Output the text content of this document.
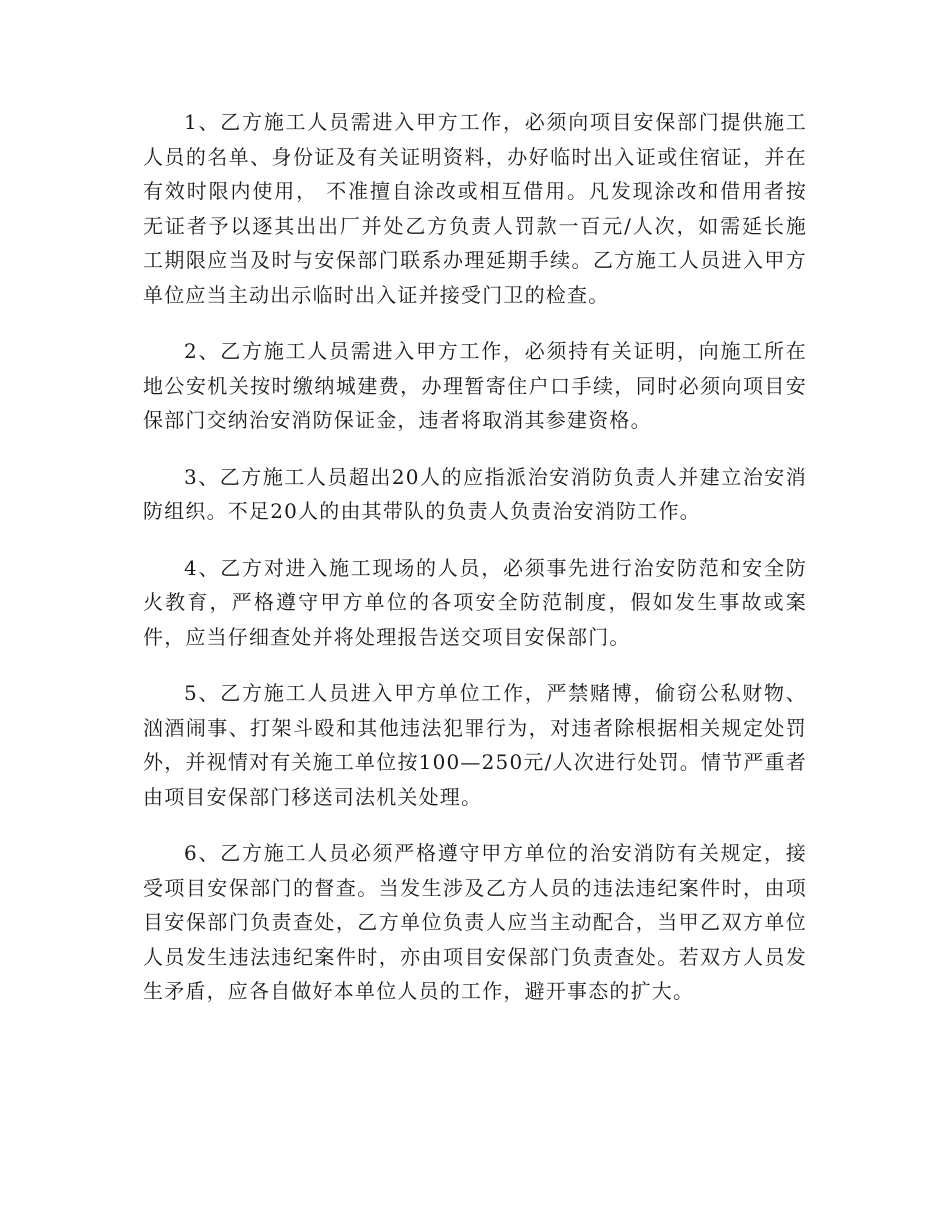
1、乙方施工人员需进入甲方工作，必须向项目安保部门提供施工人员的名单、身份证及有关证明资料，办好临时出入证或住宿证，并在有效时限内使用， 不准擅自涂改或相互借用。凡发现涂改和借用者按无证者予以逐其出出厂并处乙方负责人罚款一百元/人次，如需延长施工期限应当及时与安保部门联系办理延期手续。乙方施工人员进入甲方单位应当主动出示临时出入证并接受门卫的检查。

2、乙方施工人员需进入甲方工作，必须持有关证明，向施工所在地公安机关按时缴纳城建费，办理暂寄住户口手续，同时必须向项目安保部门交纳治安消防保证金，违者将取消其参建资格。

3、乙方施工人员超出20人的应指派治安消防负责人并建立治安消防组织。不足20人的由其带队的负责人负责治安消防工作。

4、乙方对进入施工现场的人员，必须事先进行治安防范和安全防火教育，严格遵守甲方单位的各项安全防范制度，假如发生事故或案件，应当仔细查处并将处理报告送交项目安保部门。

5、乙方施工人员进入甲方单位工作，严禁赌博，偷窃公私财物、汹酒闹事、打架斗殴和其他违法犯罪行为，对违者除根据相关规定处罚外，并视情对有关施工单位按100—250元/人次进行处罚。情节严重者由项目安保部门移送司法机关处理。

6、乙方施工人员必须严格遵守甲方单位的治安消防有关规定，接受项目安保部门的督查。当发生涉及乙方人员的违法违纪案件时，由项目安保部门负责查处，乙方单位负责人应当主动配合，当甲乙双方单位人员发生违法违纪案件时，亦由项目安保部门负责查处。若双方人员发生矛盾，应各自做好本单位人员的工作，避开事态的扩大。
